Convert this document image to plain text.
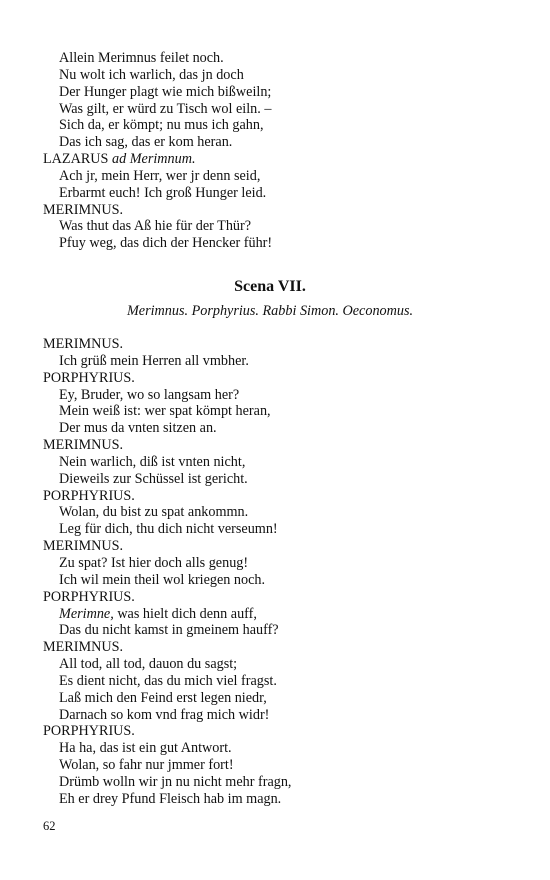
Allein Merimnus feilet noch.
Nu wolt ich warlich, das jn doch
Der Hunger plagt wie mich bißweiln;
Was gilt, er würd zu Tisch wol eiln. –
Sich da, er kömpt; nu mus ich gahn,
Das ich sag, das er kom heran.
LAZARUS ad Merimnum.
Ach jr, mein Herr, wer jr denn seid,
Erbarmt euch! Ich groß Hunger leid.
MERIMNUS.
Was thut das Aß hie für der Thür?
Pfuy weg, das dich der Hencker führ!
Scena VII.
Merimnus. Porphyrius. Rabbi Simon. Oeconomus.
MERIMNUS.
Ich grüß mein Herren all vmbher.
PORPHYRIUS.
Ey, Bruder, wo so langsam her?
Mein weiß ist: wer spat kömpt heran,
Der mus da vnten sitzen an.
MERIMNUS.
Nein warlich, diß ist vnten nicht,
Dieweils zur Schüssel ist gericht.
PORPHYRIUS.
Wolan, du bist zu spat ankommn.
Leg für dich, thu dich nicht verseumn!
MERIMNUS.
Zu spat? Ist hier doch alls genug!
Ich wil mein theil wol kriegen noch.
PORPHYRIUS.
Merimne, was hielt dich denn auff,
Das du nicht kamst in gmeinem hauff?
MERIMNUS.
All tod, all tod, dauon du sagst;
Es dient nicht, das du mich viel fragst.
Laß mich den Feind erst legen niedr,
Darnach so kom vnd frag mich widr!
PORPHYRIUS.
Ha ha, das ist ein gut Antwort.
Wolan, so fahr nur jmmer fort!
Drümb wolln wir jn nu nicht mehr fragn,
Eh er drey Pfund Fleisch hab im magn.
62
